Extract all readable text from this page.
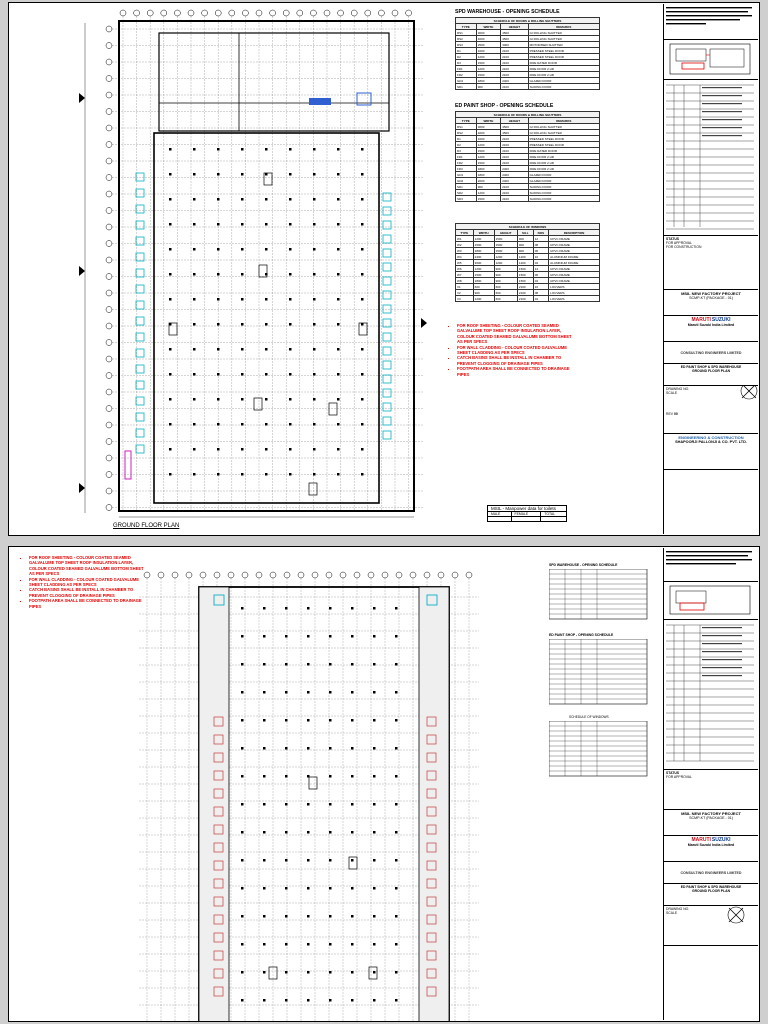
GROUND FLOOR PLAN
SPD WAREHOUSE - OPENING SCHEDULE
SCHEDULE OF DOORS & ROLLING SHUTTERS			
TYPE	WIDTH	HEIGHT	REMARKS
RS1	3000	4500	GI ROLLING SHUTTER
RS2	4000	4500	GI ROLLING SHUTTER
RS3	2500	3000	MOTORISED SHUTTER
D1	1000	2100	PRESSED STEEL DOOR
D2	1200	2100	PRESSED STEEL DOOR
D3	1500	2100	FIRE RATED DOOR
FD1	1200	2100	FIRE DOOR 2 HR
FD2	1500	2100	FIRE DOOR 2 HR
GD1	1800	2400	GLAZED DOOR
SD1	900	2100	SLIDING DOOR
ED PAINT SHOP - OPENING SCHEDULE
SCHEDULE OF DOORS & ROLLING SHUTTERS			
TYPE	WIDTH	HEIGHT	REMARKS
RS1	3000	4500	GI ROLLING SHUTTER
RS2	4000	4500	GI ROLLING SHUTTER
D1	1000	2100	PRESSED STEEL DOOR
D2	1200	2100	PRESSED STEEL DOOR
D3	1500	2100	FIRE RATED DOOR
FD1	1200	2100	FIRE DOOR 2 HR
FD2	1500	2100	FIRE DOOR 2 HR
FD3	1800	2400	FIRE DOOR 2 HR
GD1	1800	2400	GLAZED DOOR
GD2	2000	2400	GLAZED DOOR
SD1	900	2100	SLIDING DOOR
SD2	1200	2100	SLIDING DOOR
SD3	1500	2100	SLIDING DOOR
SCHEDULE OF WINDOWS					
TYPE	WIDTH	HEIGHT	SILL	NOS	DESCRIPTION
W1	1200	1500	900	12	UPVC FRAME
W2	1500	1500	900	08	UPVC FRAME
W3	1800	1500	900	06	UPVC FRAME
W4	2400	1200	1200	10	ALUMINIUM FRAME
W5	3000	1200	1200	04	ALUMINIUM FRAME
W6	1200	900	1500	14	UPVC FRAME
W7	1500	900	1500	06	UPVC FRAME
W8	1800	900	1500	04	UPVC FRAME
V1	600	600	2100	16	LOUVERS
V2	900	600	2100	08	LOUVERS
V3	1200	600	2100	04	LOUVERS
▪ FOR ROOF SHEETING - COLOUR COATED SEAMED GALVALUME TOP SHEET ROOF INSULATION LAYER, COLOUR COATED SEAMED GALVALUME BOTTOM SHEET AS PER SPECS
▪ FOR WALL CLADDING - COLOUR COATED GALVALUME SHEET CLADDING AS PER SPECS
▪ CATCH BASINS SHALL BE INSTALL IN CHAMBER TO PREVENT CLOGGING OF DRAINAGE PIPES
▪ FOOTPATH AREA SHALL BE CONNECTED TO DRAINAGE PIPES
MSIL - Manpower data for toilets		
MALE	FEMALE	TOTAL

STATUS
FOR APPROVAL
FOR CONSTRUCTION
MSIL NEW FACTORY PROJECT
SCMP-KT (PACKAGE - 01)
MARUTI SUZUKI
Maruti Suzuki India Limited
CONSULTING ENGINEERS LIMITED
ED PAINT SHOP & SPD WAREHOUSE
GROUND FLOOR PLAN
DRAWING NO.
SCALE
REV 00
ENGINEERING & CONSTRUCTION
SHAPOORJI PALLONJI & CO. PVT. LTD.
▪ FOR ROOF SHEETING - COLOUR COATED SEAMED GALVALUME TOP SHEET ROOF INSULATION LAYER, COLOUR COATED SEAMED GALVALUME BOTTOM SHEET AS PER SPECS
▪ FOR WALL CLADDING - COLOUR COATED GALVALUME SHEET CLADDING AS PER SPECS
▪ CATCH BASINS SHALL BE INSTALL IN CHAMBER TO PREVENT CLOGGING OF DRAINAGE PIPES
▪ FOOTPATH AREA SHALL BE CONNECTED TO DRAINAGE PIPES
SPD WAREHOUSE - OPENING SCHEDULE
ED PAINT SHOP - OPENING SCHEDULE
SCHEDULE OF WINDOWS
STATUS
FOR APPROVAL
MSIL NEW FACTORY PROJECT
SCMP-KT (PACKAGE - 01)
MARUTI SUZUKI
Maruti Suzuki India Limited
CONSULTING ENGINEERS LIMITED
ED PAINT SHOP & SPD WAREHOUSE
GROUND FLOOR PLAN
DRAWING NO.
SCALE
